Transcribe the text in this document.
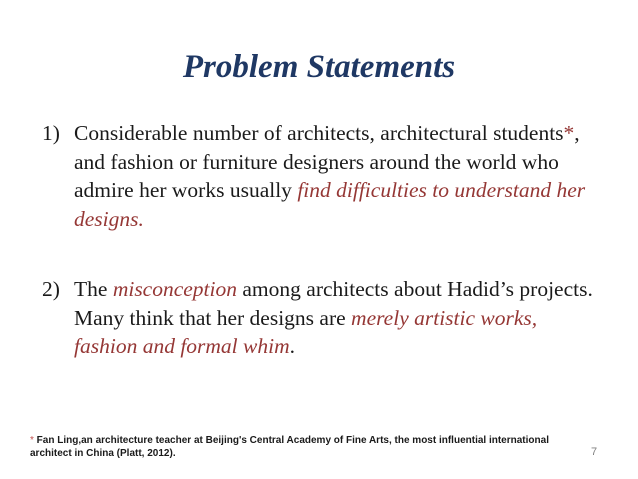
Problem Statements
1) Considerable number of architects, architectural students*, and fashion or furniture designers around the world who admire her works usually find difficulties to understand her designs.
2) The misconception among architects about Hadid’s projects. Many think that her designs are merely artistic works, fashion and formal whim.
* Fan Ling,an architecture teacher at Beijing's Central Academy of Fine Arts, the most influential international architect in China (Platt, 2012).	7
